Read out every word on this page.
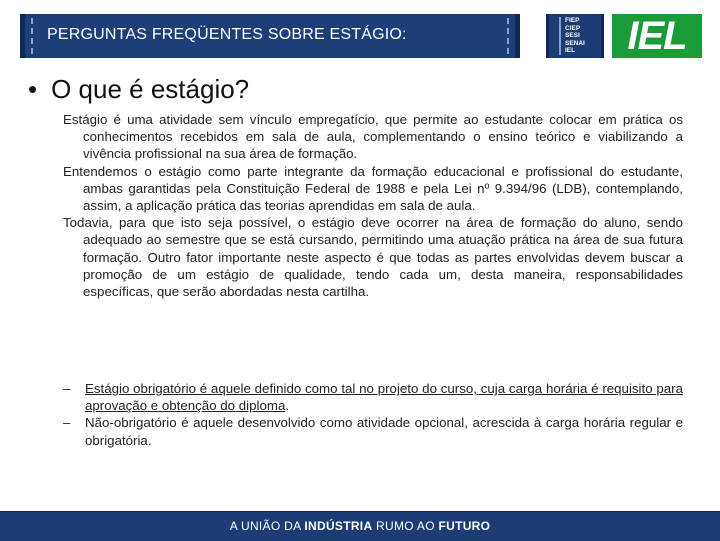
PERGUNTAS FREQÜENTES SOBRE ESTÁGIO:
FIEP
CIEP
SESI
SENAI
IEL	IEL
• O que é estágio?

Estágio é uma atividade sem vínculo empregatício, que permite ao estudante colocar em prática os conhecimentos recebidos em sala de aula, complementando o ensino teórico e viabilizando a vivência profissional na sua área de formação.

Entendemos o estágio como parte integrante da formação educacional e profissional do estudante, ambas garantidas pela Constituição Federal de 1988 e pela Lei nº 9.394/96 (LDB), contemplando, assim, a aplicação prática das teorias aprendidas em sala de aula.

Todavia, para que isto seja possível, o estágio deve ocorrer na área de formação do aluno, sendo adequado ao semestre que se está cursando, permitindo uma atuação prática na área de sua futura formação. Outro fator importante neste aspecto é que todas as partes envolvidas devem buscar a promoção de um estágio de qualidade, tendo cada um, desta maneira, responsabilidades específicas, que serão abordadas nesta cartilha.

– Estágio obrigatório é aquele definido como tal no projeto do curso, cuja carga horária é requisito para aprovação e obtenção do diploma.

– Não-obrigatório é aquele desenvolvido como atividade opcional, acrescida à carga horária regular e obrigatória.

A UNIÃO DA INDÚSTRIA RUMO AO FUTURO
